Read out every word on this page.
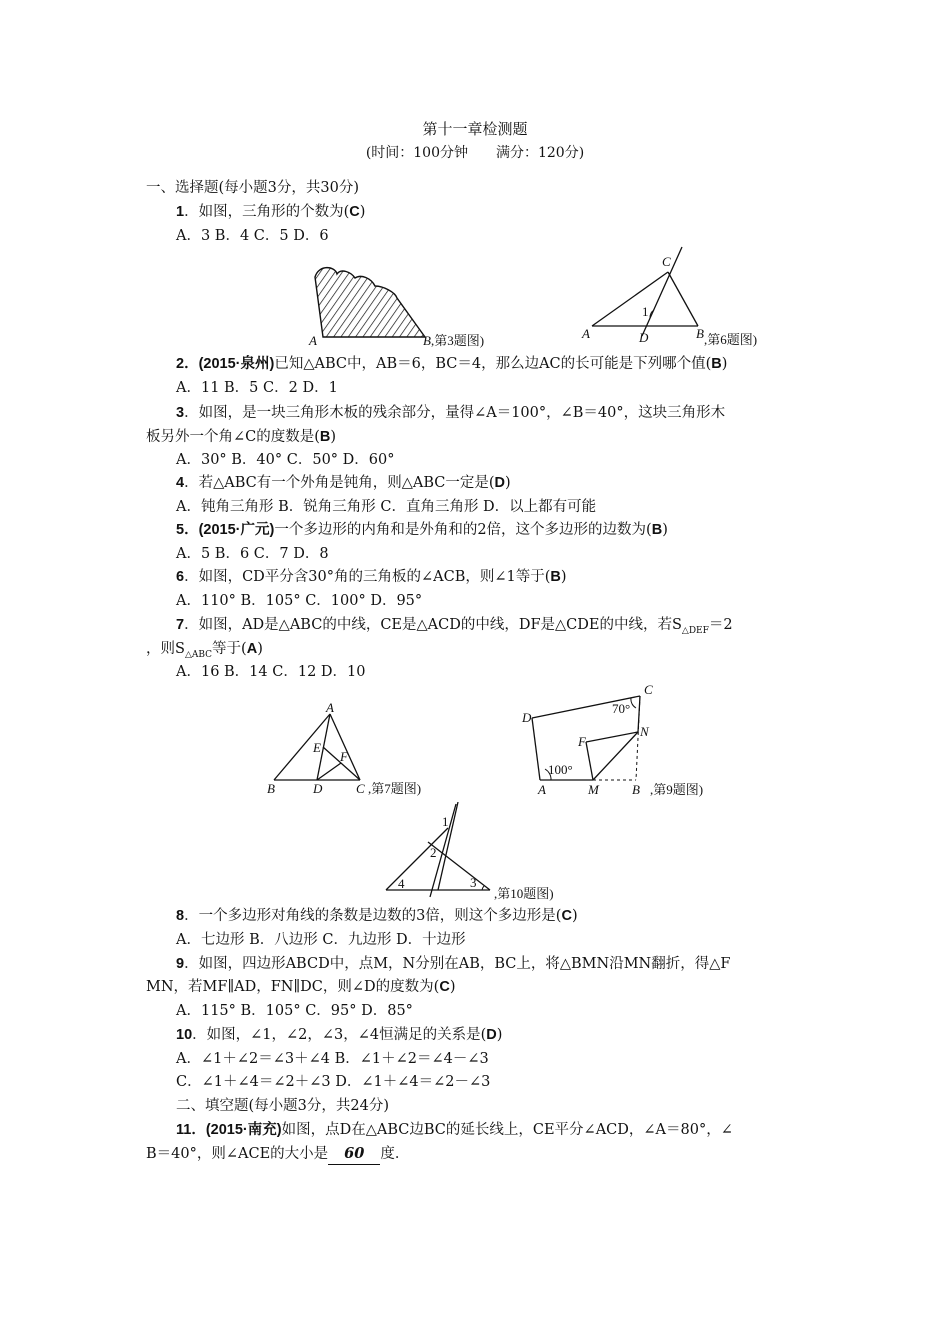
第十一章检测题
(时间：100分钟　　满分：120分)
一、选择题(每小题3分，共30分)
1．如图，三角形的个数为(C)
A．3 B．4 C．5 D．6
A	B ,第3题图)
C
A	D	B
1
,第6题图)
2．(2015·泉州)已知△ABC中，AB＝6，BC＝4，那么边AC的长可能是下列哪个值(B)
A．11 B．5 C．2 D．1
3．如图，是一块三角形木板的残余部分，量得∠A＝100°，∠B＝40°，这块三角形木
板另外一个角∠C的度数是(B)
A．30° B．40° C．50° D．60°
4．若△ABC有一个外角是钝角，则△ABC一定是(D)
A．钝角三角形 B．锐角三角形 C．直角三角形 D．以上都有可能
5．(2015·广元)一个多边形的内角和是外角和的2倍，这个多边形的边数为(B)
A．5 B．6 C．7 D．8
6．如图，CD平分含30°角的三角板的∠ACB，则∠1等于(B)
A．110° B．105° C．100° D．95°
7．如图，AD是△ABC的中线，CE是△ACD的中线，DF是△CDE的中线，若$S_{\triangle DEF}=2$
，则$S_{\triangle ABC}$等于(A)
A．16 B．14 C．12 D．10
A
B	D	C
E
F
,第7题图)
C
D
70°
F
N
100°
A	M	B ,第9题图)
1
2
3
4
,第10题图)
8．一个多边形对角线的条数是边数的3倍，则这个多边形是(C)
A．七边形 B．八边形 C．九边形 D．十边形
9．如图，四边形ABCD中，点M，N分别在AB，BC上，将△BMN沿MN翻折，得△F
MN，若MF∥AD，FN∥DC，则∠D的度数为(C)
A．115° B．105° C．95° D．85°
10．如图，∠1，∠2，∠3，∠4恒满足的关系是(D)
A．∠1＋∠2＝∠3＋∠4 B．∠1＋∠2＝∠4－∠3
C．∠1＋∠4＝∠2＋∠3 D．∠1＋∠4＝∠2－∠3
二、填空题(每小题3分，共24分)
11．(2015·南充)如图，点D在△ABC边BC的延长线上，CE平分∠ACD，∠A＝80°，∠
B＝40°，则∠ACE的大小是 60 度．
